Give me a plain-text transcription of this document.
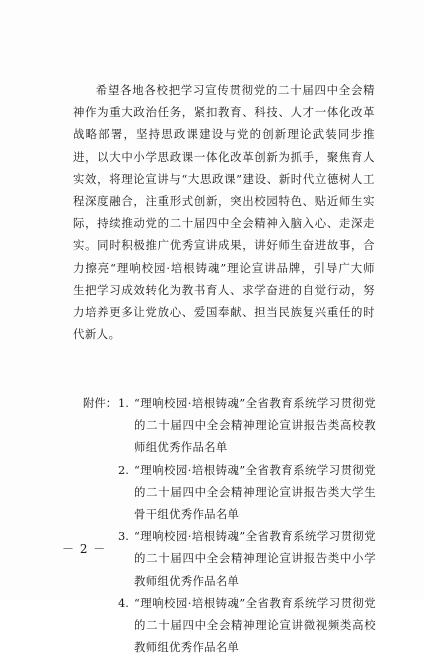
希望各地各校把学习宣传贯彻党的二十届四中全会精神作为重大政治任务，紧扣教育、科技、人才一体化改革战略部署，坚持思政课建设与党的创新理论武装同步推进，以大中小学思政课一体化改革创新为抓手，聚焦育人实效，将理论宣讲与“大思政课”建设、新时代立德树人工程深度融合，注重形式创新，突出校园特色、贴近师生实际，持续推动党的二十届四中全会精神入脑入心、走深走实。同时积极推广优秀宣讲成果，讲好师生奋进故事，合力擦亮“理响校园·培根铸魂”理论宣讲品牌，引导广大师生把学习成效转化为教书育人、求学奋进的自觉行动，努力培养更多让党放心、爱国奉献、担当民族复兴重任的时代新人。

附件： 1. “理响校园·培根铸魂”全省教育系统学习贯彻党的二十届四中全会精神理论宣讲报告类高校教师组优秀作品名单
2. “理响校园·培根铸魂”全省教育系统学习贯彻党的二十届四中全会精神理论宣讲报告类大学生骨干组优秀作品名单
3. “理响校园·培根铸魂”全省教育系统学习贯彻党的二十届四中全会精神理论宣讲报告类中小学教师组优秀作品名单
4. “理响校园·培根铸魂”全省教育系统学习贯彻党的二十届四中全会精神理论宣讲微视频类高校教师组优秀作品名单
－ 2 －
